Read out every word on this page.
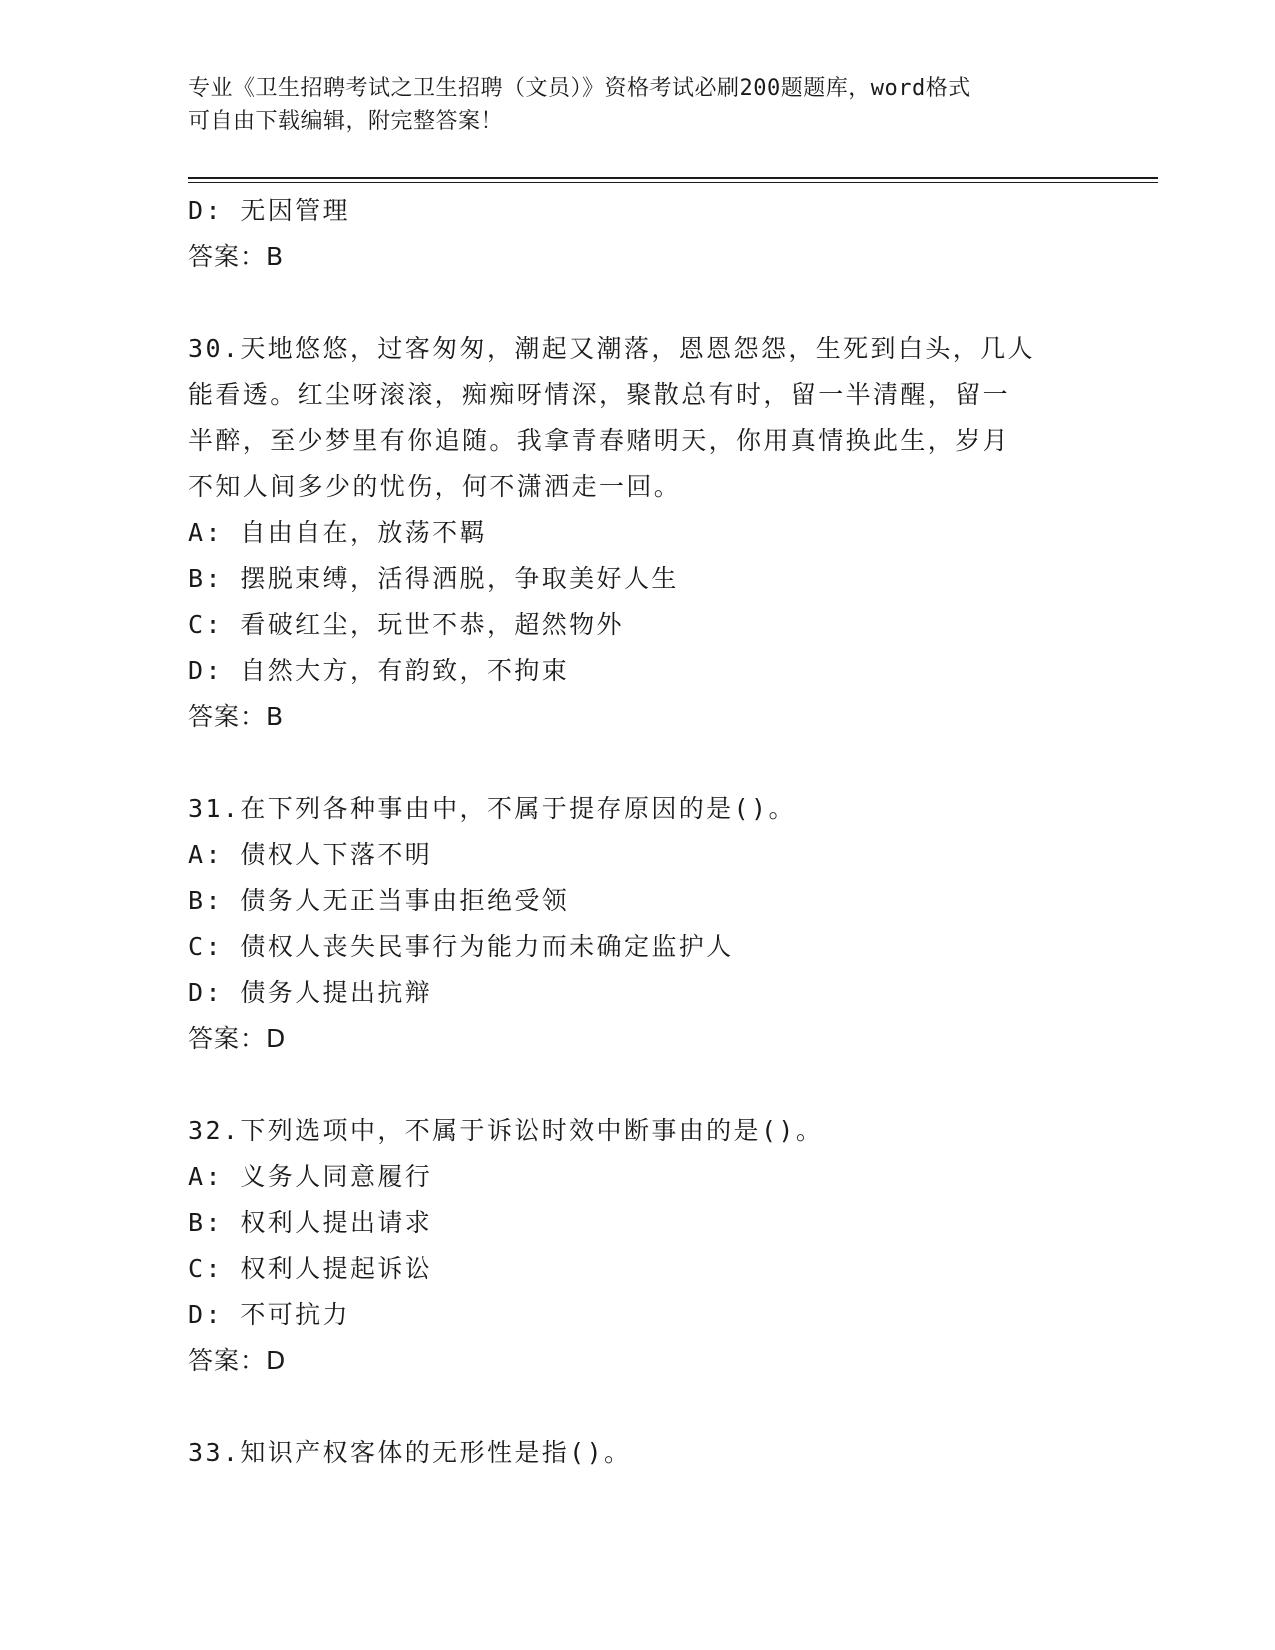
专业《卫生招聘考试之卫生招聘（文员）》资格考试必刷200题题库，word格式
可自由下载编辑，附完整答案！
D: 无因管理
答案：B
30.天地悠悠，过客匆匆，潮起又潮落，恩恩怨怨，生死到白头，几人
能看透。红尘呀滚滚，痴痴呀情深，聚散总有时，留一半清醒，留一
半醉，至少梦里有你追随。我拿青春赌明天，你用真情换此生，岁月
不知人间多少的忧伤，何不潇洒走一回。
A: 自由自在，放荡不羁
B: 摆脱束缚，活得洒脱，争取美好人生
C: 看破红尘，玩世不恭，超然物外
D: 自然大方，有韵致，不拘束
答案：B
31.在下列各种事由中，不属于提存原因的是()。
A: 债权人下落不明
B: 债务人无正当事由拒绝受领
C: 债权人丧失民事行为能力而未确定监护人
D: 债务人提出抗辩
答案：D
32.下列选项中，不属于诉讼时效中断事由的是()。
A: 义务人同意履行
B: 权利人提出请求
C: 权利人提起诉讼
D: 不可抗力
答案：D
33.知识产权客体的无形性是指()。
